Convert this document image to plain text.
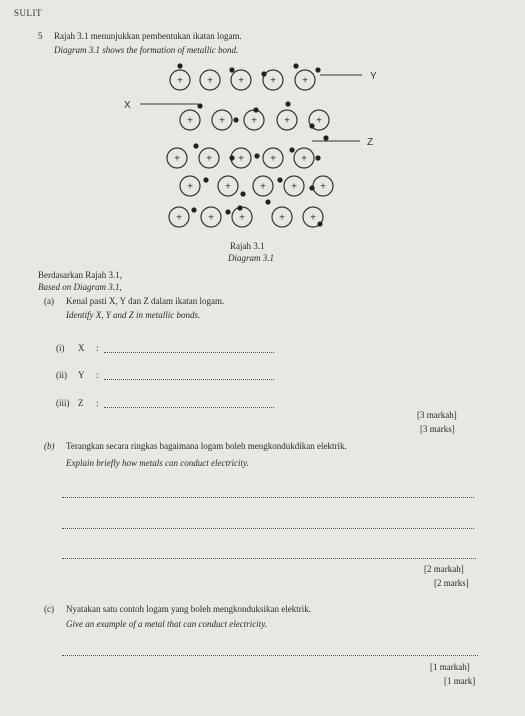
SULIT
5 Rajah 3.1 menunjukkan pembentukan ikatan logam.
Diagram 3.1 shows the formation of metallic bond.
+ +	+	+	+
+	+	+	+	+
+	+	+	+	+
+	+	+	+ +
+	+	+	+	+
Y
X
Z
Rajah 3.1
Diagram 3.1
Berdasarkan Rajah 3.1,
Based on Diagram 3.1,
(a) Kenal pasti X, Y dan Z dalam ikatan logam.
Identify X, Y and Z in metallic bonds.
(i) X :
(ii) Y :
(iii) Z :
[3 markah]
[3 marks]
(b) Terangkan secara ringkas bagaimana logam boleh mengkondukdikan elektrik.
Explain briefly how metals can conduct electricity.
[2 markah]
[2 marks]
(c) Nyatakan satu contoh logam yang boleh mengkonduksikan elektrik.
Give an example of a metal that can conduct electricity.
[1 markah]
[1 mark]
